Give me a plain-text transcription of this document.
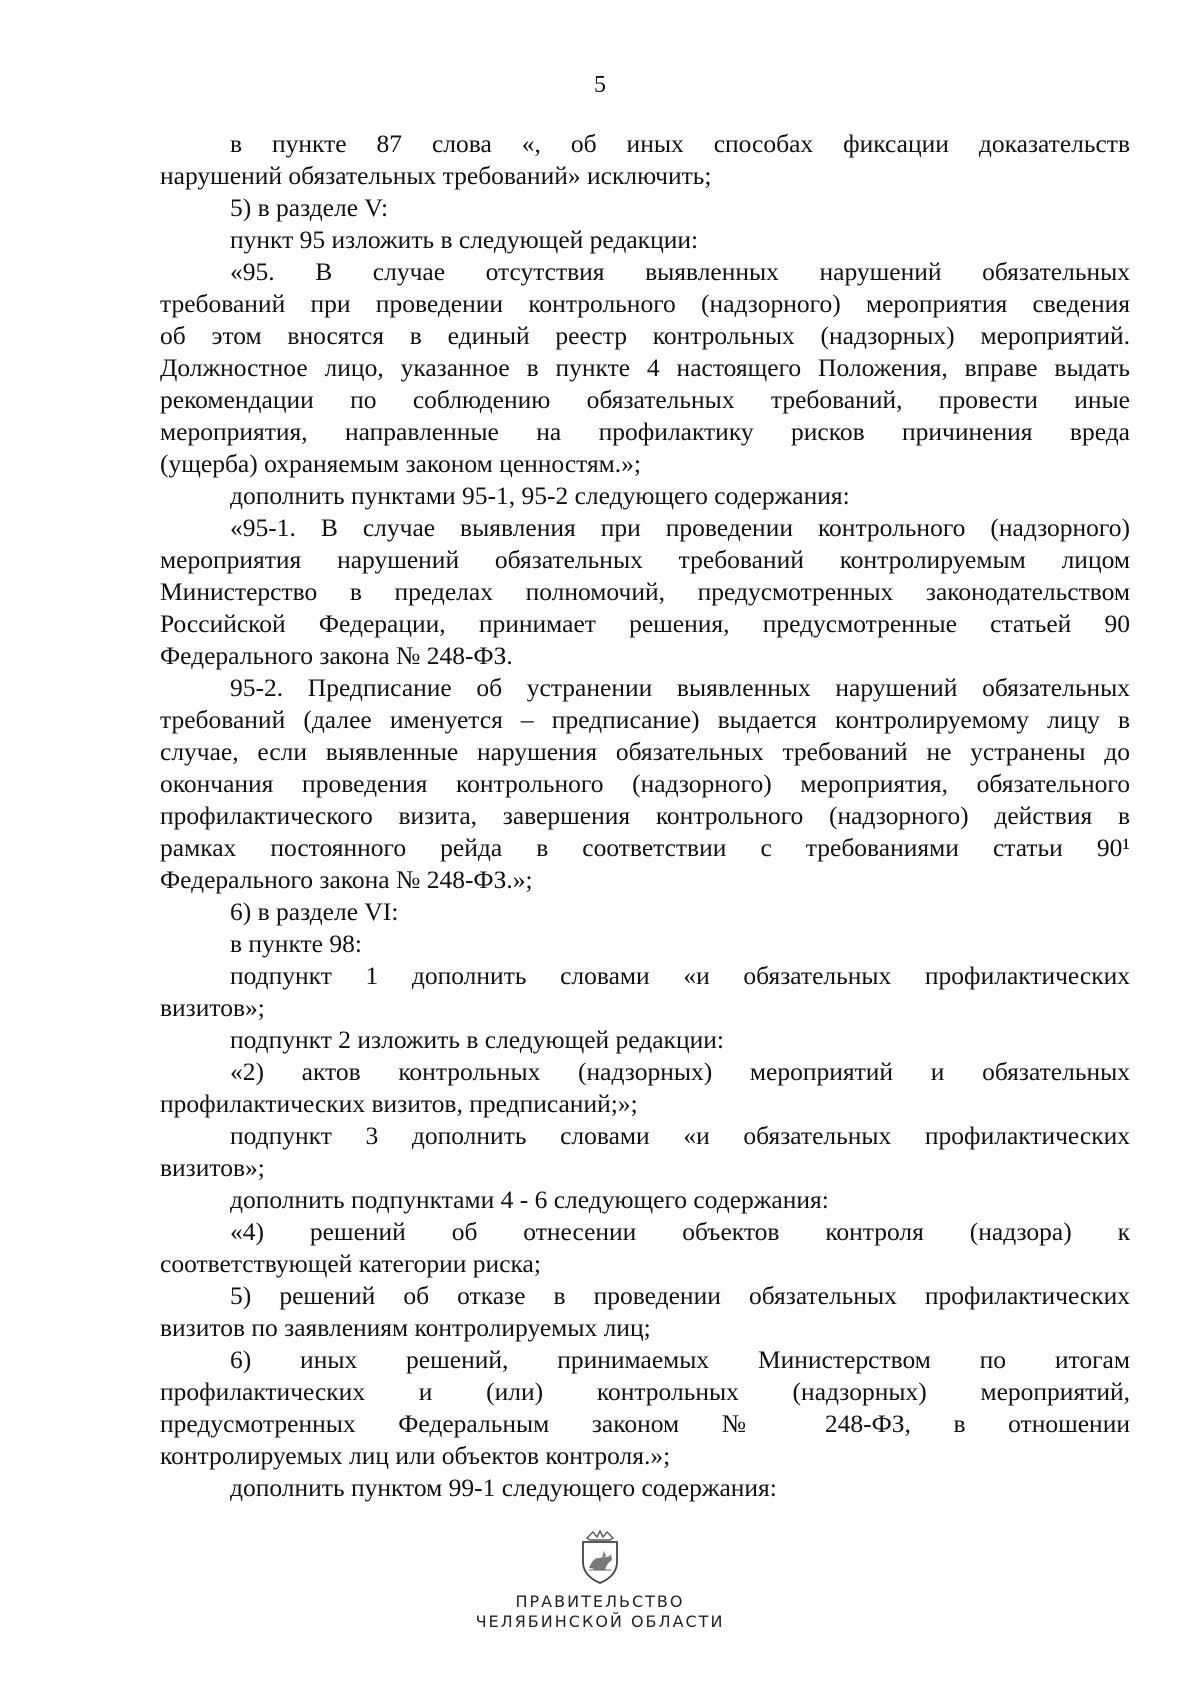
5
в пункте 87 слова «, об иных способах фиксации доказательств
нарушений обязательных требований» исключить;
5) в разделе V:
пункт 95 изложить в следующей редакции:
«95. В случае отсутствия выявленных нарушений обязательных
требований при проведении контрольного (надзорного) мероприятия сведения
об этом вносятся в единый реестр контрольных (надзорных) мероприятий.
Должностное лицо, указанное в пункте 4 настоящего Положения, вправе выдать
рекомендации по соблюдению обязательных требований, провести иные
мероприятия, направленные на профилактику рисков причинения вреда
(ущерба) охраняемым законом ценностям.»;
дополнить пунктами 95-1, 95-2 следующего содержания:
«95-1. В случае выявления при проведении контрольного (надзорного)
мероприятия нарушений обязательных требований контролируемым лицом
Министерство в пределах полномочий, предусмотренных законодательством
Российской Федерации, принимает решения, предусмотренные статьей 90
Федерального закона № 248-ФЗ.
95-2. Предписание об устранении выявленных нарушений обязательных
требований (далее именуется – предписание) выдается контролируемому лицу в
случае, если выявленные нарушения обязательных требований не устранены до
окончания проведения контрольного (надзорного) мероприятия, обязательного
профилактического визита, завершения контрольного (надзорного) действия в
рамках постоянного рейда в соответствии с требованиями статьи 90¹
Федерального закона № 248-ФЗ.»;
6) в разделе VI:
в пункте 98:
подпункт 1 дополнить словами «и обязательных профилактических
визитов»;
подпункт 2 изложить в следующей редакции:
«2) актов контрольных (надзорных) мероприятий и обязательных
профилактических визитов, предписаний;»;
подпункт 3 дополнить словами «и обязательных профилактических
визитов»;
дополнить подпунктами 4 - 6 следующего содержания:
«4) решений об отнесении объектов контроля (надзора) к
соответствующей категории риска;
5) решений об отказе в проведении обязательных профилактических
визитов по заявлениям контролируемых лиц;
6) иных решений, принимаемых Министерством по итогам
профилактических и (или) контрольных (надзорных) мероприятий,
предусмотренных Федеральным законом № 248-ФЗ, в отношении
контролируемых лиц или объектов контроля.»;
дополнить пунктом 99-1 следующего содержания:
ПРАВИТЕЛЬСТВО
ЧЕЛЯБИНСКОЙ ОБЛАСТИ
